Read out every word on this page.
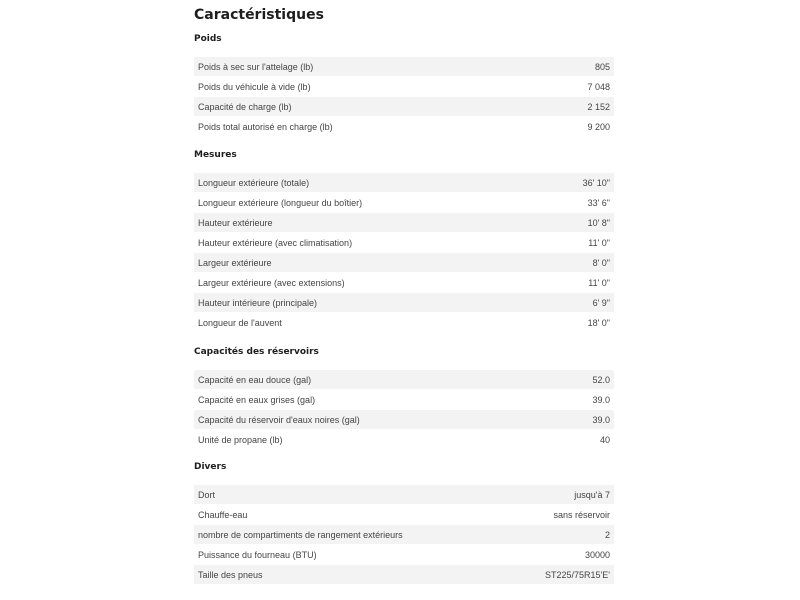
Caractéristiques
Poids
Poids à sec sur l'attelage (lb)	805
Poids du véhicule à vide (lb)	7 048
Capacité de charge (lb)	2 152
Poids total autorisé en charge (lb)	9 200
Mesures
Longueur extérieure (totale)	36' 10"
Longueur extérieure (longueur du boîtier)	33' 6"
Hauteur extérieure	10' 8"
Hauteur extérieure (avec climatisation)	11' 0"
Largeur extérieure	8' 0"
Largeur extérieure (avec extensions)	11' 0"
Hauteur intérieure (principale)	6' 9"
Longueur de l'auvent	18' 0"
Capacités des réservoirs
Capacité en eau douce (gal)	52.0
Capacité en eaux grises (gal)	39.0
Capacité du réservoir d'eaux noires (gal)	39.0
Unité de propane (lb)	40
Divers
Dort	jusqu'à 7
Chauffe-eau	sans réservoir
nombre de compartiments de rangement extérieurs	2
Puissance du fourneau (BTU)	30000
Taille des pneus	ST225/75R15'E'
